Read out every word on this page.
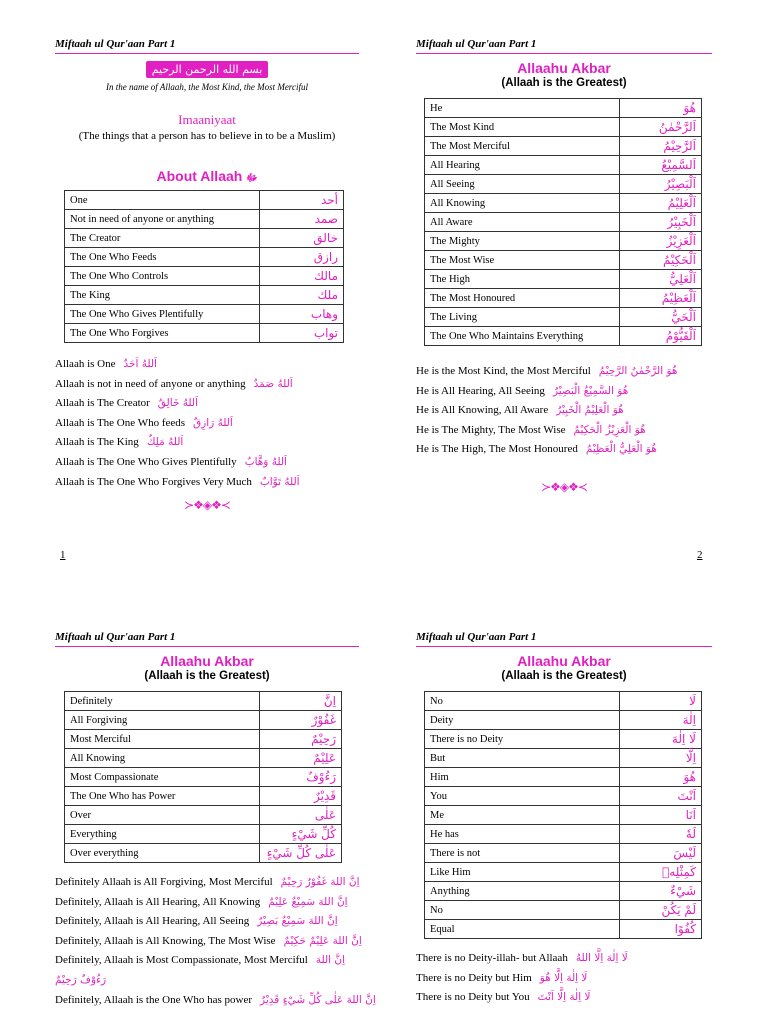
Miftaah ul Qur'aan Part 1
بسم الله الرحمن الرحيم
In the name of Allaah, the Most Kind, the Most Merciful
Imaaniyaat
(The things that a person has to believe in to be a Muslim)
About Allaah ﷻ
One	أحد
Not in need of anyone or anything	صمد
The Creator	خالق
The One Who Feeds	رازق
The One Who Controls	مالك
The King	ملك
The One Who Gives Plentifully	وهاب
The One Who Forgives	تواب
Allaah is One اَللهُ اَحَدٌ
Allaah is not in need of anyone or anything اَللهُ صَمَدٌ
Allaah is The Creator اَللهُ خَالِقٌ
Allaah is The One Who feeds اَللهُ رَازِقٌ
Allaah is The King اَللهُ مَلِكٌ
Allaah is The One Who Gives Plentifully اَللهُ وَهَّابٌ
Allaah is The One Who Forgives Very Much اَللهُ تَوَّابٌ
≻❖◈❖≺
1
Miftaah ul Qur'aan Part 1
Allaahu Akbar
(Allaah is the Greatest)
He	هُوَ
The Most Kind	اَلرَّحْمٰنُ
The Most Merciful	اَلرَّحِيْمُ
All Hearing	اَلسَّمِيْعُ
All Seeing	اَلْبَصِيْرُ
All Knowing	اَلْعَلِيْمُ
All Aware	اَلْخَبِيْرُ
The Mighty	اَلْعَزِيْزُ
The Most Wise	اَلْحَكِيْمُ
The High	اَلْعَلِيُّ
The Most Honoured	اَلْعَظِيْمُ
The Living	اَلْحَيُّ
The One Who Maintains Everything	اَلْقَيُّوْمُ
He is the Most Kind, the Most Merciful هُوَ الرَّحْمٰنُ الرَّحِيْمُ
He is All Hearing, All Seeing هُوَ السَّمِيْعُ الْبَصِيْرُ
He is All Knowing, All Aware هُوَ الْعَلِيْمُ الْخَبِيْرُ
He is The Mighty, The Most Wise هُوَ الْعَزِيْزُ الْحَكِيْمُ
He is The High, The Most Honoured هُوَ الْعَلِيُّ الْعَظِيْمُ
≻❖◈❖≺
2
Miftaah ul Qur'aan Part 1
Allaahu Akbar
(Allaah is the Greatest)
Definitely	اِنَّ
All Forgiving	غَفُوْرٌ
Most Merciful	رَحِيْمٌ
All Knowing	عَلِيْمٌ
Most Compassionate	رَءُوْفٌ
The One Who has Power	قَدِيْرٌ
Over	عَلٰى
Everything	كُلِّ شَيْءٍ
Over everything	عَلٰى كُلِّ شَيْءٍ
Definitely Allaah is All Forgiving, Most Merciful اِنَّ اللهَ غَفُوْرٌ رَحِيْمٌ
Definitely, Allaah is All Hearing, All Knowing اِنَّ اللهَ سَمِيْعٌ عَلِيْمٌ
Definitely, Allaah is All Hearing, All Seeing اِنَّ اللهَ سَمِيْعٌ بَصِيْرٌ
Definitely, Allaah is All Knowing, The Most Wise اِنَّ اللهَ عَلِيْمٌ حَكِيْمٌ
Definitely, Allaah is Most Compassionate, Most Merciful اِنَّ اللهَ
رَءُوْفٌ رَحِيْمٌ
Definitely, Allaah is the One Who has power اِنَّ اللهَ عَلٰى كُلِّ شَيْءٍ قَدِيْرٌ
Miftaah ul Qur'aan Part 1
Allaahu Akbar
(Allaah is the Greatest)
No	لَا
Deity	اِلٰهَ
There is no Deity	لَا اِلٰهَ
But	اِلَّا
Him	هُوَ
You	اَنْتَ
Me	اَنَا
He has	لَهٗ
There is not	لَيْسَ
Like Him	كَمِثْلِهٖ
Anything	شَيْءٌ
No	لَمْ يَكُنْ
Equal	كُفُوًا
There is no Deity-illah- but Allaah لَا اِلٰهَ اِلَّا اللهُ
There is no Deity but Him لَا اِلٰهَ اِلَّا هُوَ
There is no Deity but You لَا اِلٰهَ اِلَّا اَنْتَ
